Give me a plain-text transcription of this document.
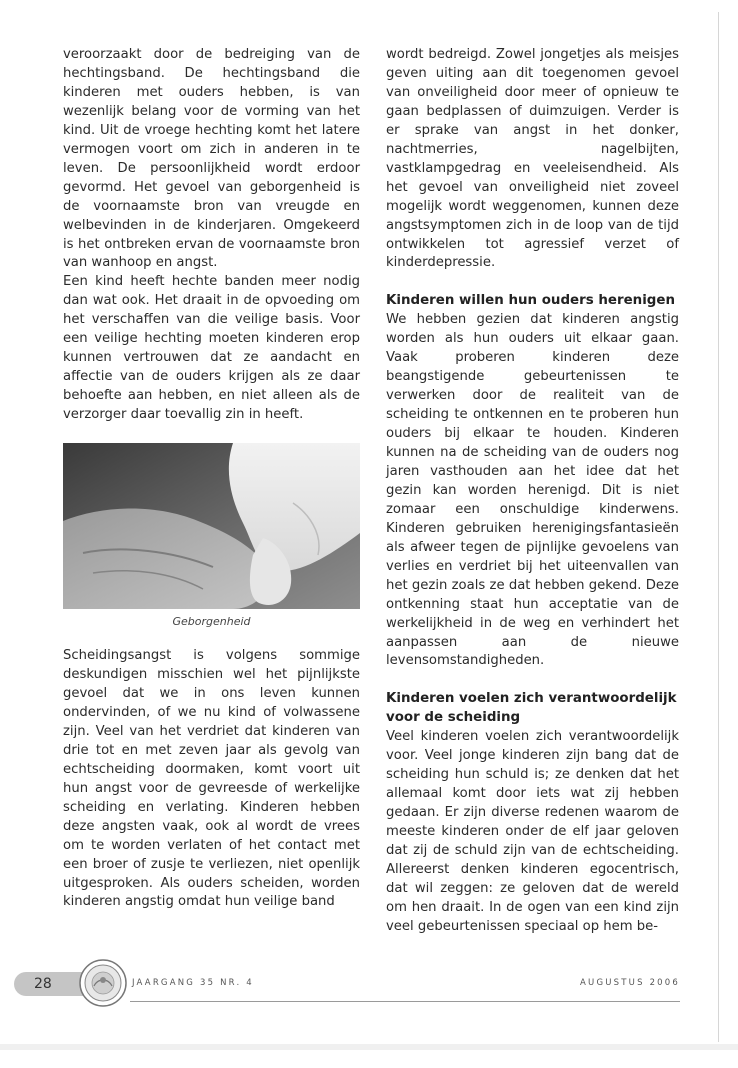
veroorzaakt door de bedreiging van de hechtingsband. De hechtingsband die kinderen met ouders hebben, is van wezenlijk belang voor de vorming van het kind. Uit de vroege hechting komt het latere vermogen voort om zich in anderen in te leven. De persoonlijkheid wordt erdoor gevormd. Het gevoel van geborgenheid is de voornaamste bron van vreugde en welbevinden in de kinderjaren. Omgekeerd is het ontbreken ervan de voornaamste bron van wanhoop en angst.

Een kind heeft hechte banden meer nodig dan wat ook. Het draait in de opvoeding om het verschaffen van die veilige basis. Voor een veilige hechting moeten kinderen erop kunnen vertrouwen dat ze aandacht en affectie van de ouders krijgen als ze daar behoefte aan hebben, en niet alleen als de verzorger daar toevallig zin in heeft.

Geborgenheid

Scheidingsangst is volgens sommige deskundigen misschien wel het pijnlijkste gevoel dat we in ons leven kunnen ondervinden, of we nu kind of volwassene zijn. Veel van het verdriet dat kinderen van drie tot en met zeven jaar als gevolg van echtscheiding doormaken, komt voort uit hun angst voor de gevreesde of werkelijke scheiding en verlating. Kinderen hebben deze angsten vaak, ook al wordt de vrees om te worden verlaten of het contact met een broer of zusje te verliezen, niet openlijk uitgesproken. Als ouders scheiden, worden kinderen angstig omdat hun veilige band

wordt bedreigd. Zowel jongetjes als meisjes geven uiting aan dit toegenomen gevoel van onveiligheid door meer of opnieuw te gaan bedplassen of duimzuigen. Verder is er sprake van angst in het donker, nachtmerries, nagelbijten, vastklampgedrag en veeleisendheid. Als het gevoel van onveiligheid niet zoveel mogelijk wordt weggenomen, kunnen deze angstsymptomen zich in de loop van de tijd ontwikkelen tot agressief verzet of kinderdepressie.

Kinderen willen hun ouders herenigen

We hebben gezien dat kinderen angstig worden als hun ouders uit elkaar gaan. Vaak proberen kinderen deze beangstigende gebeurtenissen te verwerken door de realiteit van de scheiding te ontkennen en te proberen hun ouders bij elkaar te houden. Kinderen kunnen na de scheiding van de ouders nog jaren vasthouden aan het idee dat het gezin kan worden herenigd. Dit is niet zomaar een onschuldige kinderwens. Kinderen gebruiken herenigingsfantasieën als afweer tegen de pijnlijke gevoelens van verlies en verdriet bij het uiteenvallen van het gezin zoals ze dat hebben gekend. Deze ontkenning staat hun acceptatie van de werkelijkheid in de weg en verhindert het aanpassen aan de nieuwe levensomstandigheden.

Kinderen voelen zich verantwoordelijk voor de scheiding

Veel kinderen voelen zich verantwoordelijk voor. Veel jonge kinderen zijn bang dat de scheiding hun schuld is; ze denken dat het allemaal komt door iets wat zij hebben gedaan. Er zijn diverse redenen waarom de meeste kinderen onder de elf jaar geloven dat zij de schuld zijn van de echtscheiding. Allereerst denken kinderen egocentrisch, dat wil zeggen: ze geloven dat de wereld om hen draait. In de ogen van een kind zijn veel gebeurtenissen speciaal op hem be-

28	JAARGANG 35 NR. 4	AUGUSTUS 2006
